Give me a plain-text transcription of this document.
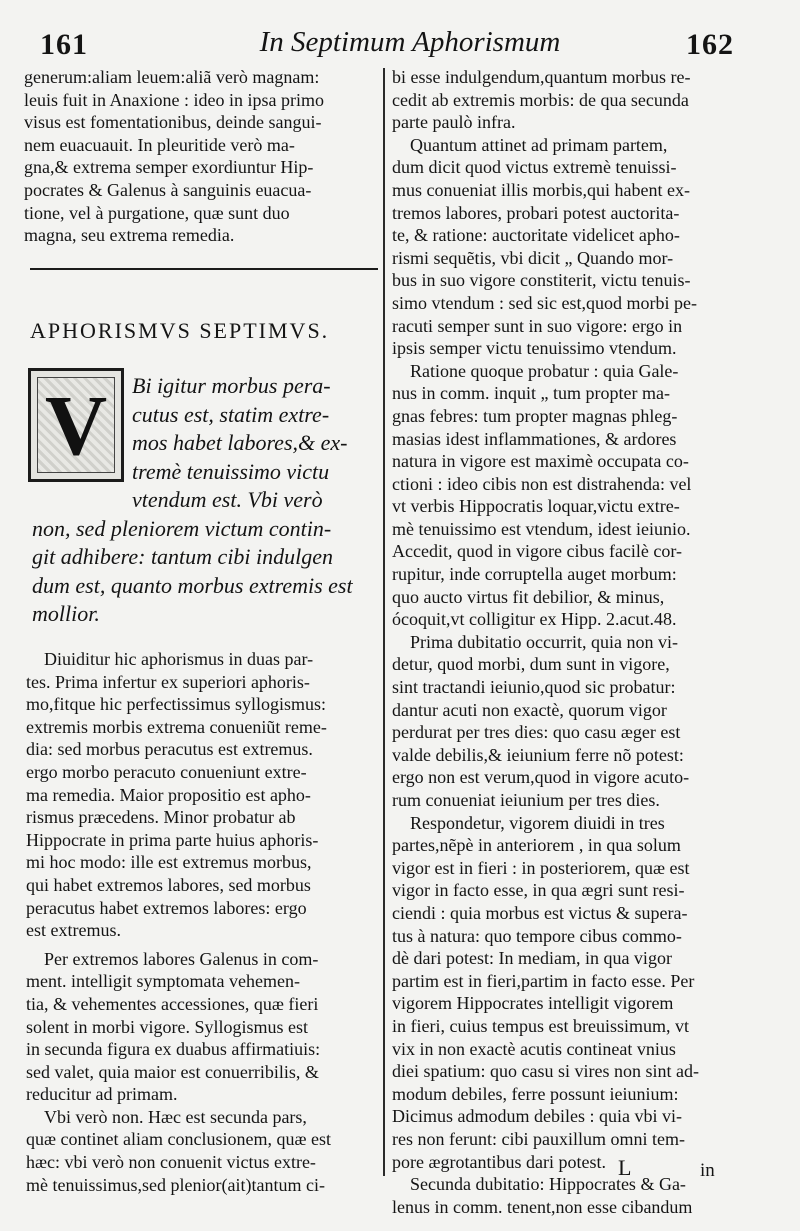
161	In Septimum Aphorismum	162
generum:aliam leuem:aliã verò magnam:
leuis fuit in Anaxione : ideo in ipsa primo
visus est fomentationibus, deinde sangui-
nem euacuauit. In pleuritide verò ma-
gna,& extrema semper exordiuntur Hip-
pocrates & Galenus à sanguinis euacua-
tione, vel à purgatione, quæ sunt duo
magna, seu extrema remedia.
APHORISMVS SEPTIMVS.
V	Bi igitur morbus pera-
cutus est, statim extre-
mos habet labores,& ex-
tremè tenuissimo victu
vtendum est. Vbi verò
non, sed pleniorem victum contin-
git adhibere: tantum cibi indulgen
dum est, quanto morbus extremis est
mollior.
Diuiditur hic aphorismus in duas par-
tes. Prima infertur ex superiori aphoris-
mo,fitque hic perfectissimus syllogismus:
extremis morbis extrema conueniũt reme-
dia: sed morbus peracutus est extremus.
ergo morbo peracuto conueniunt extre-
ma remedia. Maior propositio est apho-
rismus præcedens. Minor probatur ab
Hippocrate in prima parte huius aphoris-
mi hoc modo: ille est extremus morbus,
qui habet extremos labores, sed morbus
peracutus habet extremos labores: ergo
est extremus.
Per extremos labores Galenus in com-
ment. intelligit symptomata vehemen-
tia, & vehementes accessiones, quæ fieri
solent in morbi vigore. Syllogismus est
in secunda figura ex duabus affirmatiuis:
sed valet, quia maior est conuerribilis, &
reducitur ad primam.
Vbi verò non. Hæc est secunda pars,
quæ continet aliam conclusionem, quæ est
hæc: vbi verò non conuenit victus extre-
mè tenuissimus,sed plenior(ait)tantum ci-
bi esse indulgendum,quantum morbus re-
cedit ab extremis morbis: de qua secunda
parte paulò infra.
Quantum attinet ad primam partem,
dum dicit quod victus extremè tenuissi-
mus conueniat illis morbis,qui habent ex-
tremos labores, probari potest auctorita-
te, & ratione: auctoritate videlicet apho-
rismi sequẽtis, vbi dicit „ Quando mor-
bus in suo vigore constiterit, victu tenuis-
simo vtendum : sed sic est,quod morbi pe-
racuti semper sunt in suo vigore: ergo in
ipsis semper victu tenuissimo vtendum.
Ratione quoque probatur : quia Gale-
nus in comm. inquit „ tum propter ma-
gnas febres: tum propter magnas phleg-
masias idest inflammationes, & ardores
natura in vigore est maximè occupata co-
ctioni : ideo cibis non est distrahenda: vel
vt verbis Hippocratis loquar,victu extre-
mè tenuissimo est vtendum, idest ieiunio.
Accedit, quod in vigore cibus facilè cor-
rupitur, inde corruptella auget morbum:
quo aucto virtus fit debilior, & minus,
ócoquit,vt colligitur ex Hipp. 2.acut.48.
Prima dubitatio occurrit, quia non vi-
detur, quod morbi, dum sunt in vigore,
sint tractandi ieiunio,quod sic probatur:
dantur acuti non exactè, quorum vigor
perdurat per tres dies: quo casu æger est
valde debilis,& ieiunium ferre nõ potest:
ergo non est verum,quod in vigore acuto-
rum conueniat ieiunium per tres dies.
Respondetur, vigorem diuidi in tres
partes,nẽpè in anteriorem , in qua solum
vigor est in fieri : in posteriorem, quæ est
vigor in facto esse, in qua ægri sunt resi-
ciendi : quia morbus est victus & supera-
tus à natura: quo tempore cibus commo-
dè dari potest: In mediam, in qua vigor
partim est in fieri,partim in facto esse. Per
vigorem Hippocrates intelligit vigorem
in fieri, cuius tempus est breuissimum, vt
vix in non exactè acutis contineat vnius
diei spatium: quo casu si vires non sint ad-
modum debiles, ferre possunt ieiunium:
Dicimus admodum debiles : quia vbi vi-
res non ferunt: cibi pauxillum omni tem-
pore ægrotantibus dari potest.
Secunda dubitatio: Hippocrates & Ga-
lenus in comm. tenent,non esse cibandum
L	in
